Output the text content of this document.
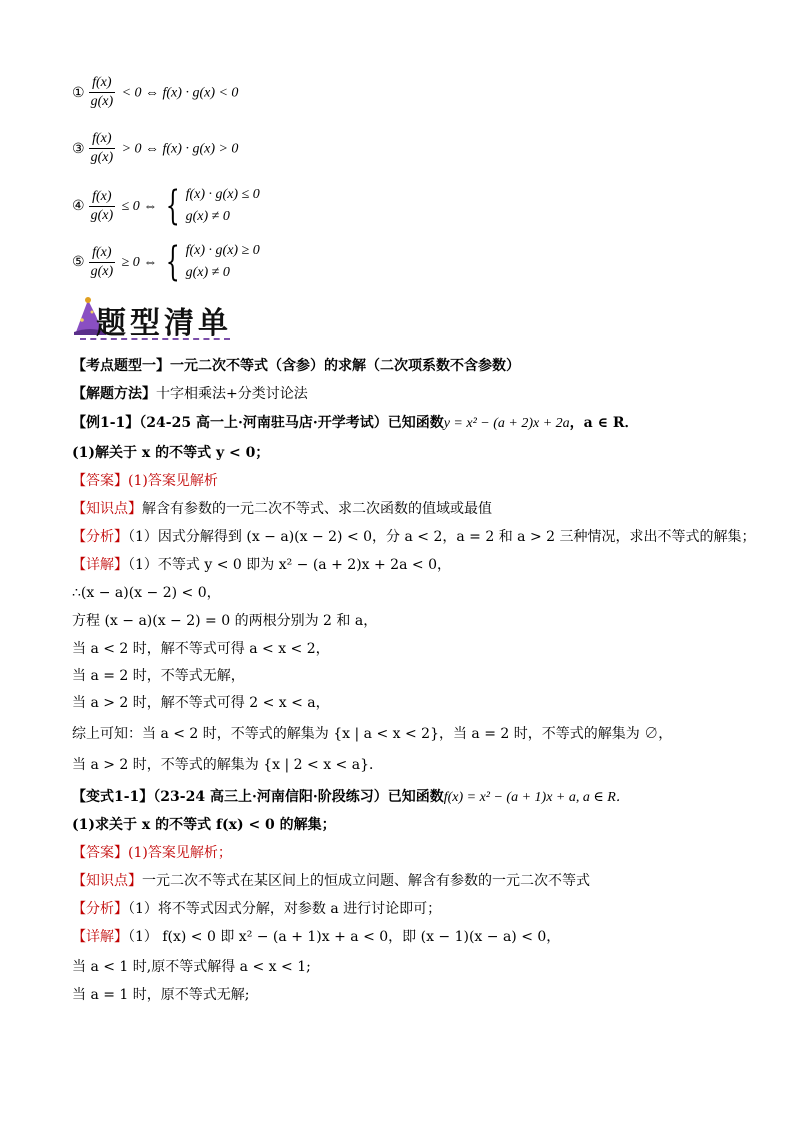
① $\frac{f(x)}{g(x)} < 0$ ⇔ f(x) · g(x) < 0
③ $\frac{f(x)}{g(x)} > 0$ ⇔ f(x) · g(x) > 0
④ $\frac{f(x)}{g(x)} \le 0$ ⇔ { f(x) · g(x) ≤ 0
g(x) ≠ 0
⑤ $\frac{f(x)}{g(x)} \ge 0$ ⇔ { f(x) · g(x) ≥ 0
g(x) ≠ 0
题型清单
【考点题型一】一元二次不等式（含参）的求解（二次项系数不含参数）
【解题方法】十字相乘法+分类讨论法
【例1-1】（24-25 高一上·河南驻马店·开学考试）已知函数y = x² − (a + 2)x + 2a，a ∈ R．
(1)解关于 x 的不等式 y < 0；
【答案】(1)答案见解析
【知识点】解含有参数的一元二次不等式、求二次函数的值域或最值
【分析】（1）因式分解得到 (x − a)(x − 2) < 0，分 a < 2，a = 2 和 a > 2 三种情况，求出不等式的解集；
【详解】（1）不等式 y < 0 即为 x² − (a + 2)x + 2a < 0，
∴(x − a)(x − 2) < 0，
方程 (x − a)(x − 2) = 0 的两根分别为 2 和 a，
当 a < 2 时，解不等式可得 a < x < 2，
当 a = 2 时，不等式无解，
当 a > 2 时，解不等式可得 2 < x < a，
综上可知：当 a < 2 时，不等式的解集为 {x | a < x < 2}，当 a = 2 时，不等式的解集为 ∅，
当 a > 2 时，不等式的解集为 {x | 2 < x < a}．
【变式1-1】（23-24 高三上·河南信阳·阶段练习）已知函数f(x) = x² − (a + 1)x + a, a ∈ R．
(1)求关于 x 的不等式 f(x) < 0 的解集；
【答案】(1)答案见解析；
【知识点】一元二次不等式在某区间上的恒成立问题、解含有参数的一元二次不等式
【分析】（1）将不等式因式分解，对参数 a 进行讨论即可；
【详解】（1） f(x) < 0 即 x² − (a + 1)x + a < 0，即 (x − 1)(x − a) < 0，
当 a < 1 时,原不等式解得 a < x < 1;
当 a = 1 时，原不等式无解;
